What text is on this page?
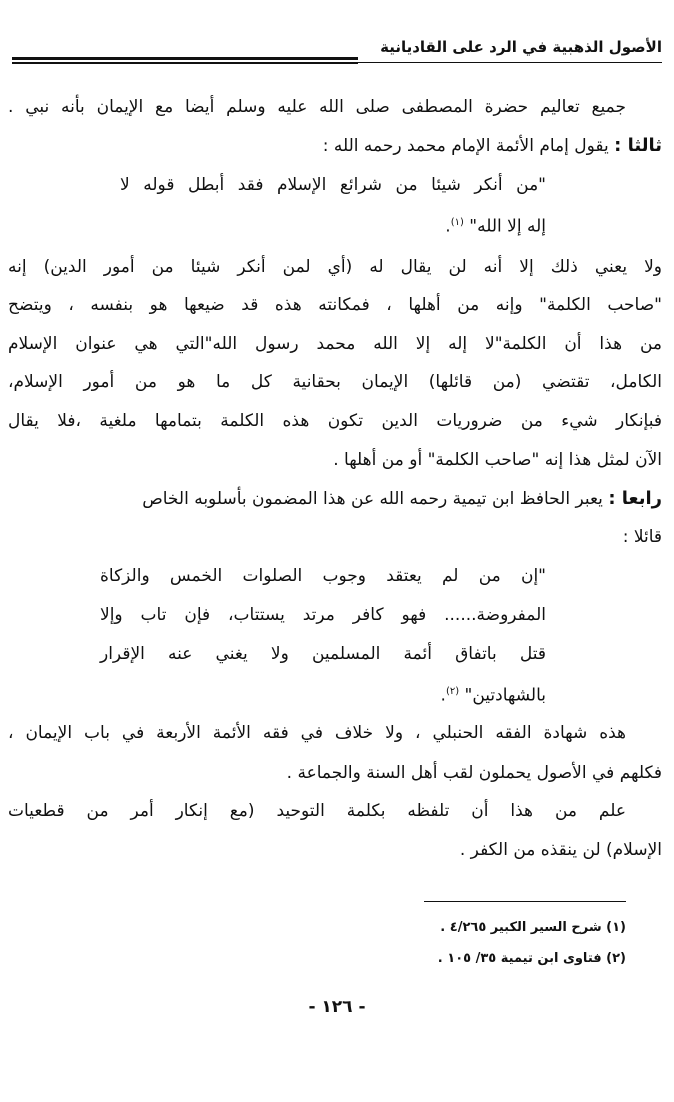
الأصول الذهبية في الرد على القاديانية
جميع تعاليم حضرة المصطفى صلى الله عليه وسلم أيضا مع الإيمان بأنه نبي .
ثالثا : يقول إمام الأئمة الإمام محمد رحمه الله :
"من أنكر شيئا من شرائع الإسلام فقد أبطل قوله لا
إله إلا الله" $^{(١)}$.
ولا يعني ذلك إلا أنه لن يقال له (أي لمن أنكر شيئا من أمور الدين) إنه
"صاحب الكلمة" وإنه من أهلها ، فمكانته هذه قد ضيعها هو بنفسه ، ويتضح
من هذا أن الكلمة"لا إله إلا الله محمد رسول الله"التي هي عنوان الإسلام
الكامل، تقتضي (من قائلها) الإيمان بحقانية كل ما هو من أمور الإسلام،
فبإنكار شيء من ضروريات الدين تكون هذه الكلمة بتمامها ملغية ،فلا يقال
الآن لمثل هذا إنه "صاحب الكلمة" أو من أهلها .
رابعا : يعبر الحافظ ابن تيمية رحمه الله عن هذا المضمون بأسلوبه الخاص
قائلا :
"إن من لم يعتقد وجوب الصلوات الخمس والزكاة
المفروضة...... فهو كافر مرتد يستتاب، فإن تاب وإلا
قتل باتفاق أئمة المسلمين ولا يغني عنه الإقرار
بالشهادتين" $^{(٢)}$.
هذه شهادة الفقه الحنبلي ، ولا خلاف في فقه الأئمة الأربعة في باب الإيمان ،
فكلهم في الأصول يحملون لقب أهل السنة والجماعة .
علم من هذا أن تلفظه بكلمة التوحيد (مع إنكار أمر من قطعيات
الإسلام) لن ينقذه من الكفر .
(١) شرح السير الكبير ٤/٢٦٥ .
(٢) فتاوى ابن تيمية ٣٥/ ١٠٥ .
- ١٢٦ -
